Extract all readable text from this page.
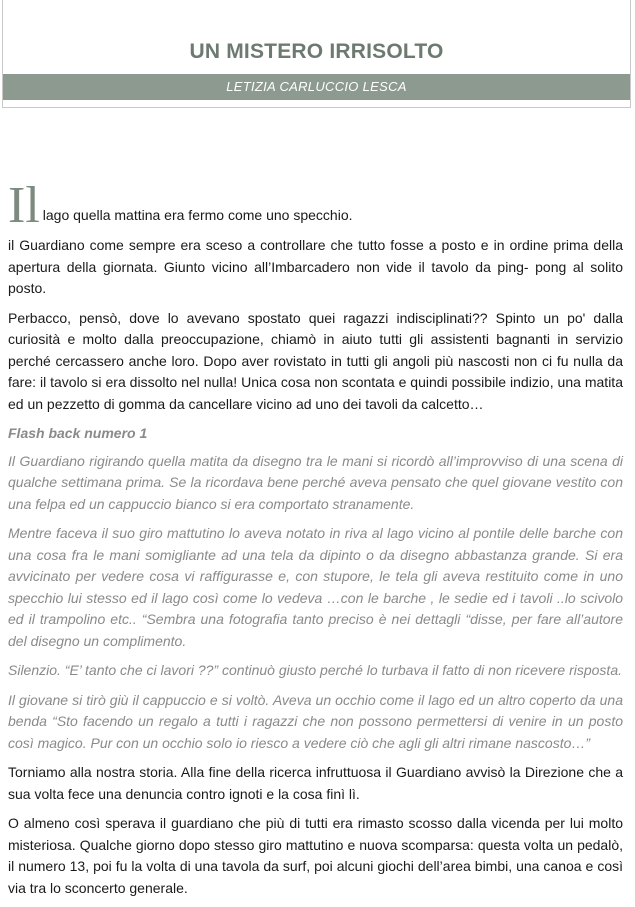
UN MISTERO IRRISOLTO
LETIZIA CARLUCCIO LESCA
Il lago quella mattina era fermo come uno specchio.

il Guardiano come sempre era sceso a controllare che tutto fosse a posto e in ordine prima della apertura della giornata. Giunto vicino all’Imbarcadero non vide il tavolo da ping- pong al solito posto.

Perbacco, pensò, dove lo avevano spostato quei ragazzi indisciplinati?? Spinto un po' dalla curiosità e molto dalla preoccupazione, chiamò in aiuto tutti gli assistenti bagnanti in servizio perché cercassero anche loro. Dopo aver rovistato in tutti gli angoli più nascosti non ci fu nulla da fare: il tavolo si era dissolto nel nulla! Unica cosa non scontata e quindi possibile indizio, una matita ed un pezzetto di gomma da cancellare vicino ad uno dei tavoli da calcetto…

Flash back numero 1

Il Guardiano rigirando quella matita da disegno tra le mani si ricordò all’improvviso di una scena di qualche settimana prima. Se la ricordava bene perché aveva pensato che quel giovane vestito con una felpa ed un cappuccio bianco si era comportato stranamente.

Mentre faceva il suo giro mattutino lo aveva notato in riva al lago vicino al pontile delle barche con una cosa fra le mani somigliante ad una tela da dipinto o da disegno abbastanza grande. Si era avvicinato per vedere cosa vi raffigurasse e, con stupore, le tela gli aveva restituito come in uno specchio lui stesso ed il lago così come lo vedeva …con le barche , le sedie ed i tavoli ..lo scivolo ed il trampolino etc.. “Sembra una fotografia tanto preciso è nei dettagli “disse, per fare all’autore del disegno un complimento.

Silenzio. “E’ tanto che ci lavori ??” continuò giusto perché lo turbava il fatto di non ricevere risposta.

Il giovane si tirò giù il cappuccio e si voltò. Aveva un occhio come il lago ed un altro coperto da una benda “Sto facendo un regalo a tutti i ragazzi che non possono permettersi di venire in un posto così magico. Pur con un occhio solo io riesco a vedere ciò che agli gli altri rimane nascosto…”

Torniamo alla nostra storia. Alla fine della ricerca infruttuosa il Guardiano avvisò la Direzione che a sua volta fece una denuncia contro ignoti e la cosa finì lì.

O almeno così sperava il guardiano che più di tutti era rimasto scosso dalla vicenda per lui molto misteriosa. Qualche giorno dopo stesso giro mattutino e nuova scomparsa: questa volta un pedalò, il numero 13, poi fu la volta di una tavola da surf, poi alcuni giochi dell’area bimbi, una canoa e così via tra lo sconcerto generale.
